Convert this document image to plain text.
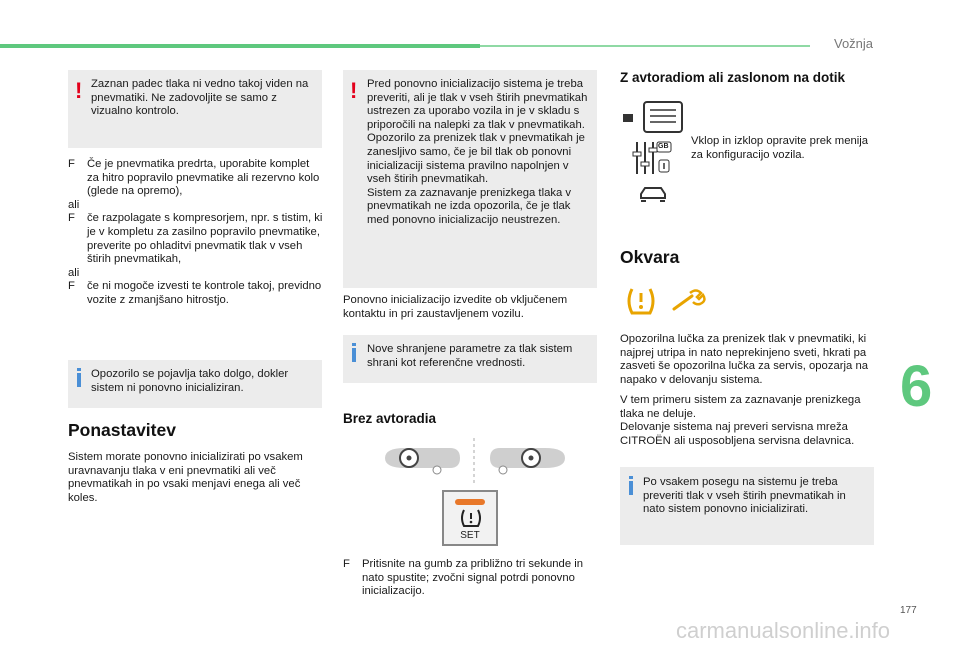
Vožnja
! Zaznan padec tlaka ni vedno takoj viden na pnevmatiki. Ne zadovoljite se samo z vizualno kontrolo.

F Če je pnevmatika predrta, uporabite komplet za hitro popravilo pnevmatike ali rezervno kolo (glede na opremo),
ali
F če razpolagate s kompresorjem, npr. s tistim, ki je v kompletu za zasilno popravilo pnevmatike, preverite po ohladitvi pnevmatik tlak v vseh štirih pnevmatikah,
ali
F če ni mogoče izvesti te kontrole takoj, previdno vozite z zmanjšano hitrostjo.

Opozorilo se pojavlja tako dolgo, dokler sistem ni ponovno inicializiran.

Ponastavitev

Sistem morate ponovno inicializirati po vsakem uravnavanju tlaka v eni pnevmatiki ali več pnevmatikah in po vsaki menjavi enega ali več koles.

! Pred ponovno inicializacijo sistema je treba preveriti, ali je tlak v vseh štirih pnevmatikah ustrezen za uporabo vozila in je v skladu s priporočili na nalepki za tlak v pnevmatikah.
Opozorilo za prenizek tlak v pnevmatikah je zanesljivo samo, če je bil tlak ob ponovni inicializaciji sistema pravilno napolnjen v vseh štirih pnevmatikah.
Sistem za zaznavanje prenizkega tlaka v pnevmatikah ne izda opozorila, če je tlak med ponovno inicializacijo neustrezen.

Ponovno inicializacijo izvedite ob vključenem kontaktu in pri zaustavljenem vozilu.

Nove shranjene parametre za tlak sistem shrani kot referenčne vrednosti.

Brez avtoradia
SET
F Pritisnite na gumb za približno tri sekunde in nato spustite; zvočni signal potrdi ponovno inicializacijo.
Z avtoradiom ali zaslonom na dotik
GB Vklop in izklop opravite prek menija za konfiguracijo vozila.

Okvara

Opozorilna lučka za prenizek tlak v pnevmatiki, ki najprej utripa in nato neprekinjeno sveti, hkrati pa zasveti še opozorilna lučka za servis, opozarja na napako v delovanju sistema.

V tem primeru sistem za zaznavanje prenizkega tlaka ne deluje.
Delovanje sistema naj preveri servisna mreža CITROËN ali usposobljena servisna delavnica.

Po vsakem posegu na sistemu je treba preveriti tlak v vseh štirih pnevmatikah in nato sistem ponovno inicializirati.

6
177
carmanualsonline.info
